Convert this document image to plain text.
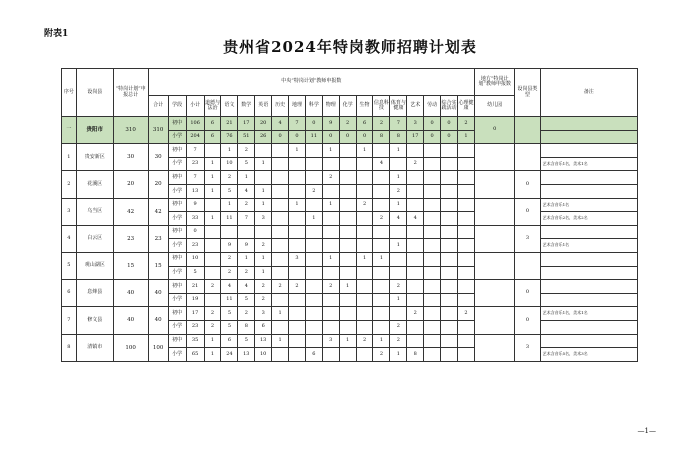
附表1
贵州省2024年特岗教师招聘计划表
序号	设岗县	“特岗计划”申报总计	中央“特岗计划”教师申报数																			地方“特岗计划”教师申报数	设岗县类型	备注
			合计	学段	小计	道德与法治	语文	数学	英语	历史	地理	科学	物理	化学	生物	信息科技	体育与健康	艺术	劳动	综合实践活动	心理健康	幼儿园		
一	贵阳市	310	310	初中	106	6	21	17	20	4	7	0	9	2	6	2	7	3	0	0	2	0		
				小学	204	6	76	51	26	0	0	11	0	0	0	8	8	17	0	0	1			
1	贵安新区	30	30	初中	7		1	2			1		1		1		1							
				小学	23	1	10	5	1							4		2						艺术含音乐1名，美术1名
2	花溪区	20	20	初中	7	1	2	1					2				1						0	
				小学	13	1	5	4	1			2					2							
3	乌当区	42	42	初中	9		1	2	1		1		1		2		1						0	艺术含音乐1名
				小学	33	1	11	7	3			1				2	4	4						艺术含音乐2名，美术2名
4	白云区	23	23	初中	0																		3	
				小学	23		9	9	2								1							艺术含音乐1名
5	观山湖区	15	15	初中	10		2	1	1		3		1		1	1								
				小学	5		2	2	1															
6	息烽县	40	40	初中	21	2	4	4	2	2	2		2	1			2						0	
				小学	19		11	5	2								1							
7	修文县	40	40	初中	17	2	5	2	3	1								2			2		0	艺术含音乐1名，美术1名
				小学	23	2	5	8	6								2							
8	清镇市	100	100	初中	35	1	6	5	13	1			3	1	2	1	2						3	
				小学	65	1	24	13	10			6				2	1	8						艺术含音乐5名，美术3名
—1—
